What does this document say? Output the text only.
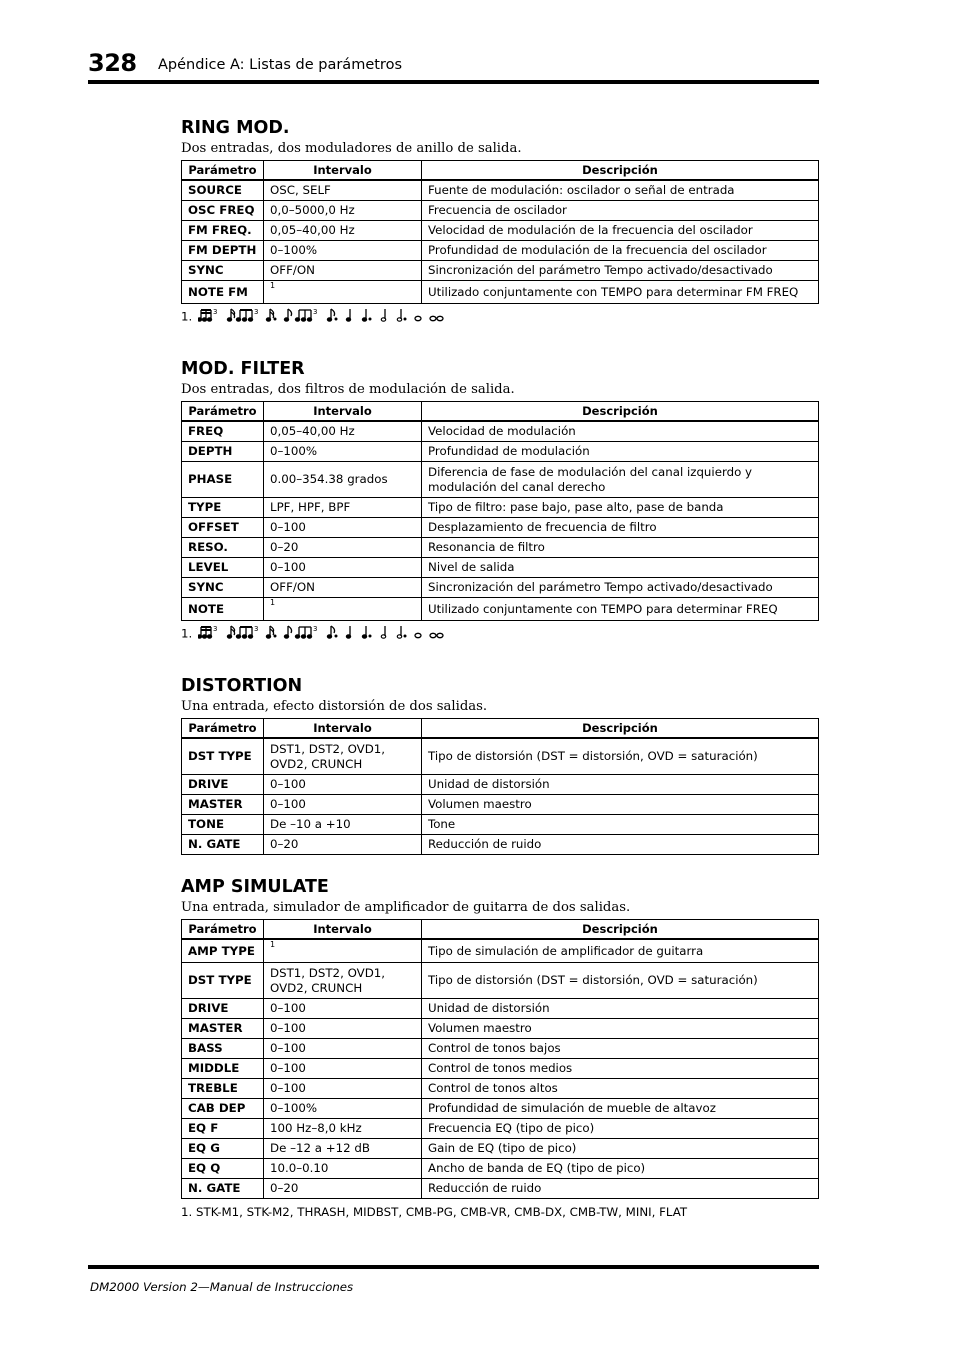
328 Apéndice A: Listas de parámetros
RING MOD.
Dos entradas, dos moduladores de anillo de salida.
Parámetro	Intervalo	Descripción
SOURCE	OSC, SELF	Fuente de modulación: oscilador o señal de entrada
OSC FREQ	0,0–5000,0 Hz	Frecuencia de oscilador
FM FREQ.	0,05–40,00 Hz	Velocidad de modulación de la frecuencia del oscilador
FM DEPTH	0–100%	Profundidad de modulación de la frecuencia del oscilador
SYNC	OFF/ON	Sincronización del parámetro Tempo activado/desactivado
NOTE FM	$^1$	Utilizado conjuntamente con TEMPO para determinar FM FREQ
1.	3	3	3
MOD. FILTER
Dos entradas, dos filtros de modulación de salida.
Parámetro	Intervalo	Descripción
FREQ	0,05–40,00 Hz	Velocidad de modulación
DEPTH	0–100%	Profundidad de modulación
PHASE	0.00–354.38 grados	Diferencia de fase de modulación del canal izquierdo y modulación del canal derecho
TYPE	LPF, HPF, BPF	Tipo de filtro: pase bajo, pase alto, pase de banda
OFFSET	0–100	Desplazamiento de frecuencia de filtro
RESO.	0–20	Resonancia de filtro
LEVEL	0–100	Nivel de salida
SYNC	OFF/ON	Sincronización del parámetro Tempo activado/desactivado
NOTE	$^1$	Utilizado conjuntamente con TEMPO para determinar FREQ
1.	3	3	3
DISTORTION
Una entrada, efecto distorsión de dos salidas.
Parámetro	Intervalo	Descripción
DST TYPE	DST1, DST2, OVD1, OVD2, CRUNCH	Tipo de distorsión (DST = distorsión, OVD = saturación)
DRIVE	0–100	Unidad de distorsión
MASTER	0–100	Volumen maestro
TONE	De –10 a +10	Tone
N. GATE	0–20	Reducción de ruido
AMP SIMULATE
Una entrada, simulador de amplificador de guitarra de dos salidas.
Parámetro	Intervalo	Descripción
AMP TYPE	$^1$	Tipo de simulación de amplificador de guitarra
DST TYPE	DST1, DST2, OVD1, OVD2, CRUNCH	Tipo de distorsión (DST = distorsión, OVD = saturación)
DRIVE	0–100	Unidad de distorsión
MASTER	0–100	Volumen maestro
BASS	0–100	Control de tonos bajos
MIDDLE	0–100	Control de tonos medios
TREBLE	0–100	Control de tonos altos
CAB DEP	0–100%	Profundidad de simulación de mueble de altavoz
EQ F	100 Hz–8,0 kHz	Frecuencia EQ (tipo de pico)
EQ G	De –12 a +12 dB	Gain de EQ (tipo de pico)
EQ Q	10.0–0.10	Ancho de banda de EQ (tipo de pico)
N. GATE	0–20	Reducción de ruido
1. STK-M1, STK-M2, THRASH, MIDBST, CMB-PG, CMB-VR, CMB-DX, CMB-TW, MINI, FLAT
DM2000 Version 2—Manual de Instrucciones
